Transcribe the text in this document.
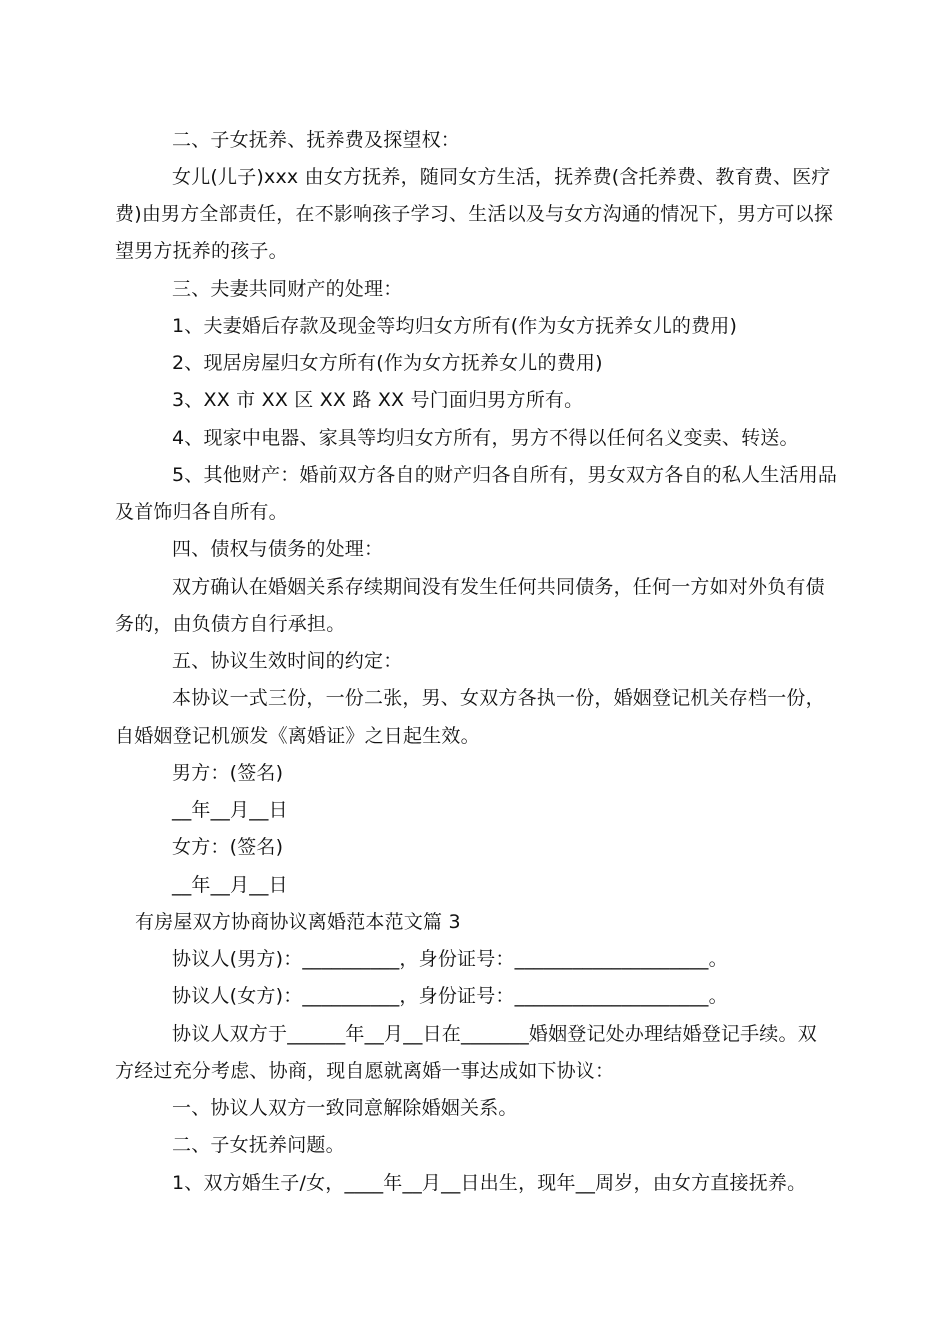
二、子女抚养、抚养费及探望权：
女儿(儿子)xxx 由女方抚养，随同女方生活，抚养费(含托养费、教育费、医疗
费)由男方全部责任，在不影响孩子学习、生活以及与女方沟通的情况下，男方可以探
望男方抚养的孩子。
三、夫妻共同财产的处理：
1、夫妻婚后存款及现金等均归女方所有(作为女方抚养女儿的费用)
2、现居房屋归女方所有(作为女方抚养女儿的费用)
3、XX 市 XX 区 XX 路 XX 号门面归男方所有。
4、现家中电器、家具等均归女方所有，男方不得以任何名义变卖、转送。
5、其他财产：婚前双方各自的财产归各自所有，男女双方各自的私人生活用品
及首饰归各自所有。
四、债权与债务的处理：
双方确认在婚姻关系存续期间没有发生任何共同债务，任何一方如对外负有债
务的，由负债方自行承担。
五、协议生效时间的约定：
本协议一式三份，一份二张，男、女双方各执一份，婚姻登记机关存档一份，
自婚姻登记机颁发《离婚证》之日起生效。
男方：(签名)
__年__月__日
女方：(签名)
__年__月__日
有房屋双方协商协议离婚范本范文篇 3
协议人(男方)：__________，身份证号：____________________。
协议人(女方)：__________，身份证号：____________________。
协议人双方于______年__月__日在_______婚姻登记处办理结婚登记手续。双
方经过充分考虑、协商，现自愿就离婚一事达成如下协议：
一、协议人双方一致同意解除婚姻关系。
二、子女抚养问题。
1、双方婚生子/女，____年__月__日出生，现年__周岁，由女方直接抚养。
